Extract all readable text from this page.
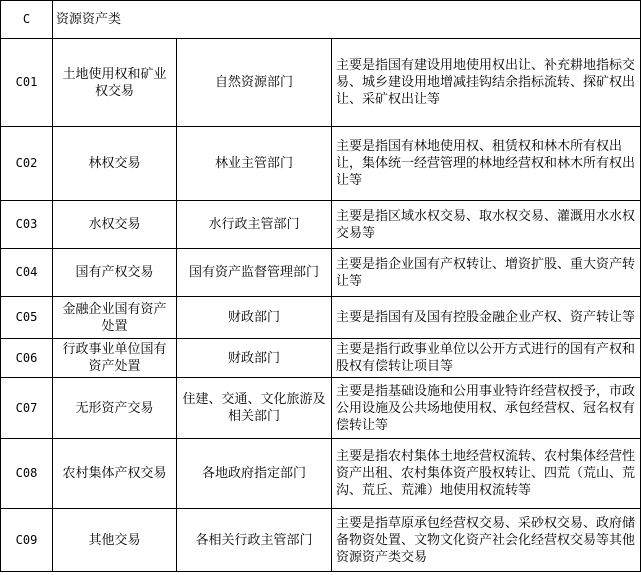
C	资源资产类		
C01	土地使用权和矿业权交易	自然资源部门	主要是指国有建设用地使用权出让、补充耕地指标交易、城乡建设用地增减挂钩结余指标流转、探矿权出让、采矿权出让等
C02	林权交易	林业主管部门	主要是指国有林地使用权、租赁权和林木所有权出让，集体统一经营管理的林地经营权和林木所有权出让等
C03	水权交易	水行政主管部门	主要是指区域水权交易、取水权交易、灌溉用水水权交易等
C04	国有产权交易	国有资产监督管理部门	主要是指企业国有产权转让、增资扩股、重大资产转让等
C05	金融企业国有资产处置	财政部门	主要是指国有及国有控股金融企业产权、资产转让等
C06	行政事业单位国有资产处置	财政部门	主要是指行政事业单位以公开方式进行的国有产权和股权有偿转让项目等
C07	无形资产交易	住建、交通、文化旅游及相关部门	主要是指基础设施和公用事业特许经营权授予，市政公用设施及公共场地使用权、承包经营权、冠名权有偿转让等
C08	农村集体产权交易	各地政府指定部门	主要是指农村集体土地经营权流转、农村集体经营性资产出租、农村集体资产股权转让、四荒（荒山、荒沟、荒丘、荒滩）地使用权流转等
C09	其他交易	各相关行政主管部门	主要是指草原承包经营权交易、采砂权交易、政府储备物资处置、文物文化资产社会化经营权交易等其他资源资产类交易
